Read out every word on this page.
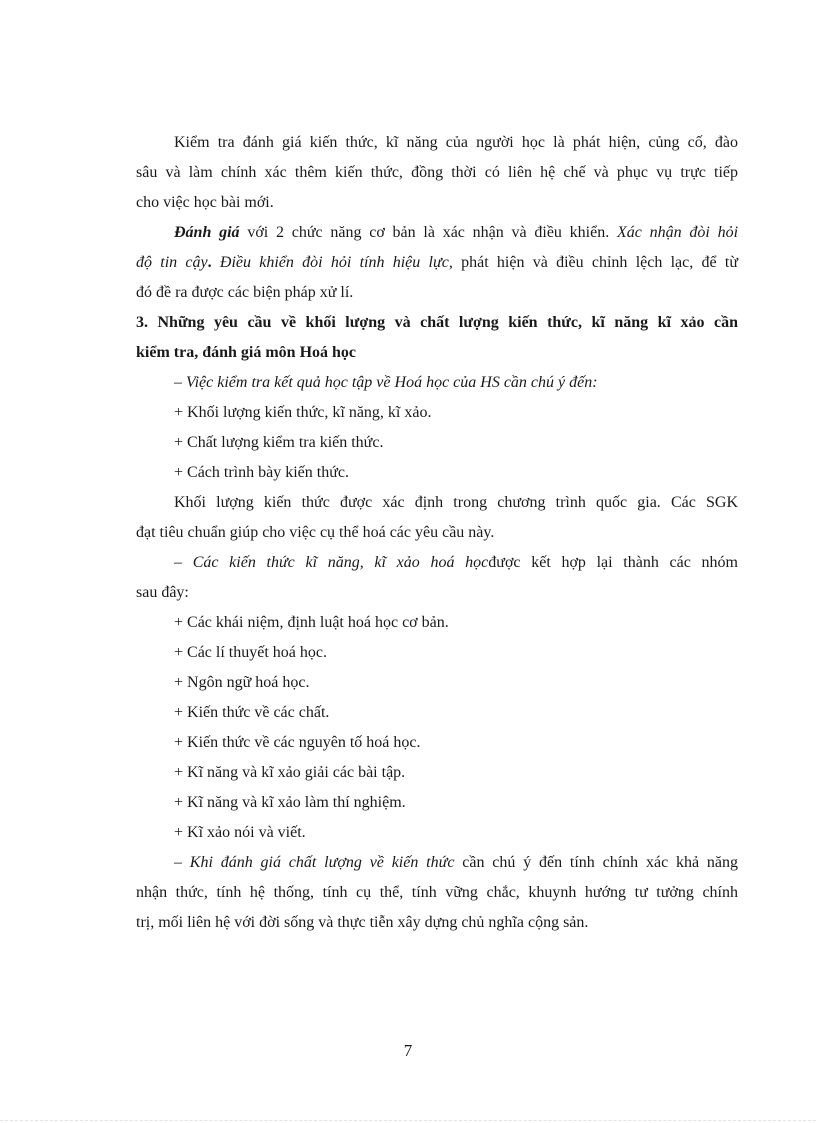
Kiểm tra đánh giá kiến thức, kĩ năng của người học là phát hiện, củng cố, đào
sâu và làm chính xác thêm kiến thức, đồng thời có liên hệ chế và phục vụ trực tiếp
cho việc học bài mới.
Đánh giá với 2 chức năng cơ bản là xác nhận và điều khiển. Xác nhận đòi hỏi
độ tin cậy. Điều khiển đòi hỏi tính hiệu lực, phát hiện và điều chỉnh lệch lạc, để từ
đó đề ra được các biện pháp xử lí.
3. Những yêu cầu về khối lượng và chất lượng kiến thức, kĩ năng kĩ xảo cần
kiểm tra, đánh giá môn Hoá học
– Việc kiểm tra kết quả học tập về Hoá học của HS cần chú ý đến:
+ Khối lượng kiến thức, kĩ năng, kĩ xảo.
+ Chất lượng kiểm tra kiến thức.
+ Cách trình bày kiến thức.
Khối lượng kiến thức được xác định trong chương trình quốc gia. Các SGK
đạt tiêu chuẩn giúp cho việc cụ thể hoá các yêu cầu này.
– Các kiến thức kĩ năng, kĩ xảo hoá họcđược kết hợp lại thành các nhóm
sau đây:
+ Các khái niệm, định luật hoá học cơ bản.
+ Các lí thuyết hoá học.
+ Ngôn ngữ hoá học.
+ Kiến thức về các chất.
+ Kiến thức về các nguyên tố hoá học.
+ Kĩ năng và kĩ xảo giải các bài tập.
+ Kĩ năng và kĩ xảo làm thí nghiệm.
+ Kĩ xảo nói và viết.
– Khi đánh giá chất lượng về kiến thức cần chú ý đến tính chính xác khả năng
nhận thức, tính hệ thống, tính cụ thể, tính vững chắc, khuynh hướng tư tưởng chính
trị, mối liên hệ với đời sống và thực tiễn xây dựng chủ nghĩa cộng sản.
7
